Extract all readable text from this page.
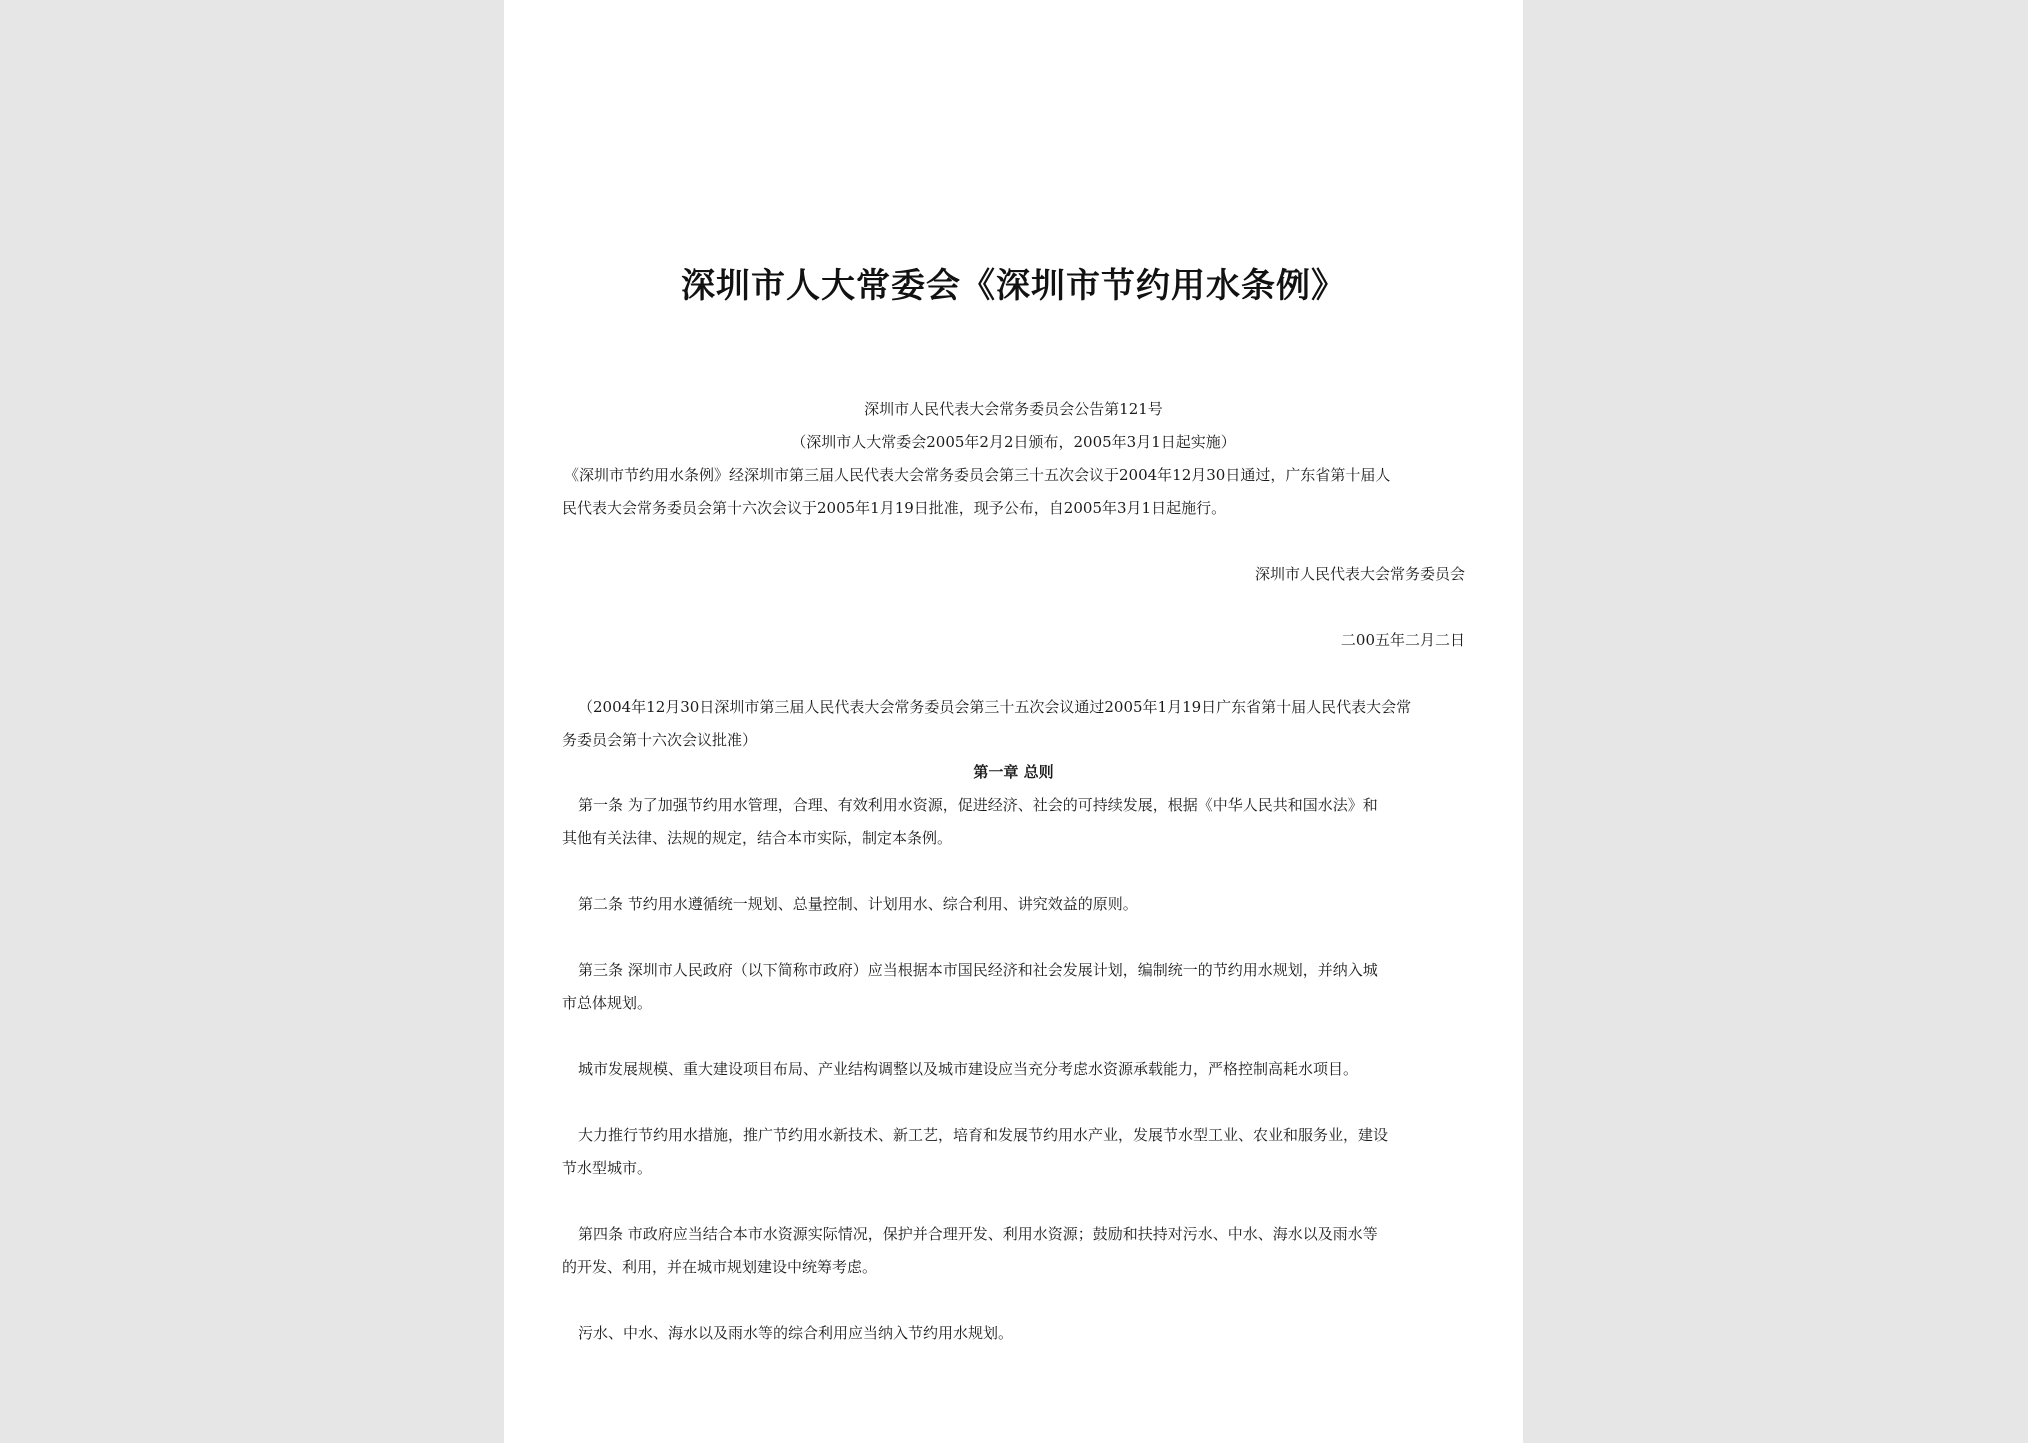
深圳市人大常委会《深圳市节约用水条例》
深圳市人民代表大会常务委员会公告第121号
（深圳市人大常委会2005年2月2日颁布，2005年3月1日起实施）
《深圳市节约用水条例》经深圳市第三届人民代表大会常务委员会第三十五次会议于2004年12月30日通过，广东省第十届人
民代表大会常务委员会第十六次会议于2005年1月19日批准，现予公布，自2005年3月1日起施行。
深圳市人民代表大会常务委员会
二00五年二月二日
（2004年12月30日深圳市第三届人民代表大会常务委员会第三十五次会议通过2005年1月19日广东省第十届人民代表大会常
务委员会第十六次会议批准）
第一章 总则
第一条 为了加强节约用水管理，合理、有效利用水资源，促进经济、社会的可持续发展，根据《中华人民共和国水法》和
其他有关法律、法规的规定，结合本市实际，制定本条例。
第二条 节约用水遵循统一规划、总量控制、计划用水、综合利用、讲究效益的原则。
第三条 深圳市人民政府（以下简称市政府）应当根据本市国民经济和社会发展计划，编制统一的节约用水规划，并纳入城
市总体规划。
城市发展规模、重大建设项目布局、产业结构调整以及城市建设应当充分考虑水资源承载能力，严格控制高耗水项目。
大力推行节约用水措施，推广节约用水新技术、新工艺，培育和发展节约用水产业，发展节水型工业、农业和服务业，建设
节水型城市。
第四条 市政府应当结合本市水资源实际情况，保护并合理开发、利用水资源；鼓励和扶持对污水、中水、海水以及雨水等
的开发、利用，并在城市规划建设中统筹考虑。
污水、中水、海水以及雨水等的综合利用应当纳入节约用水规划。
